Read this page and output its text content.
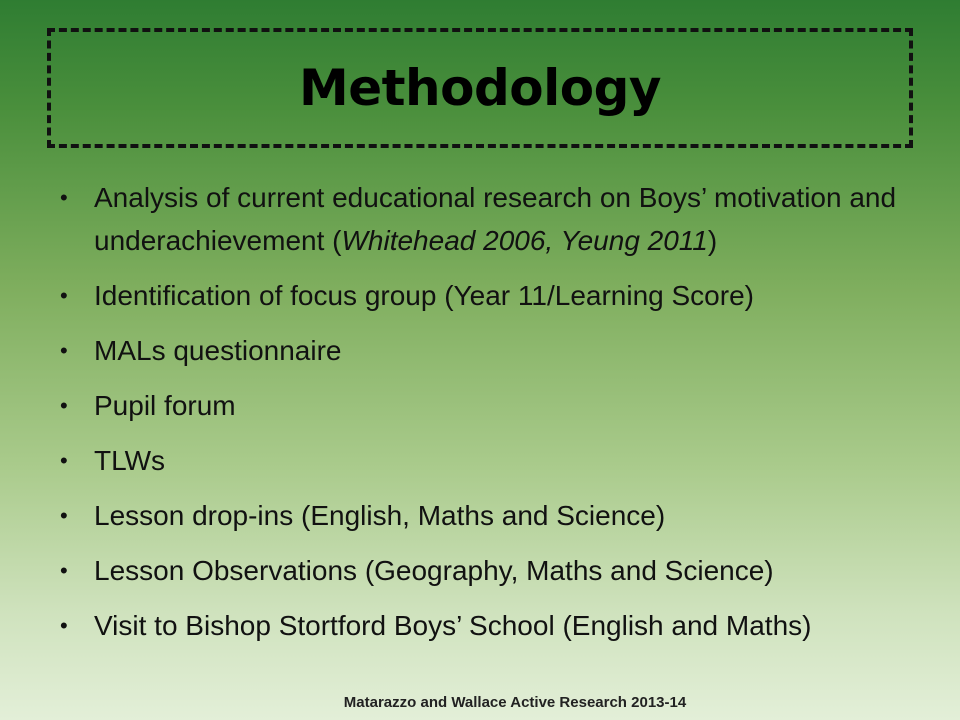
Methodology
• Analysis of current educational research on Boys’ motivation and underachievement (Whitehead 2006, Yeung 2011)
• Identification of focus group (Year 11/Learning Score)
• MALs questionnaire
• Pupil forum
• TLWs
• Lesson drop-ins (English, Maths and Science)
• Lesson Observations (Geography, Maths and Science)
• Visit to Bishop Stortford Boys’ School (English and Maths)
Matarazzo and Wallace Active Research 2013-14
